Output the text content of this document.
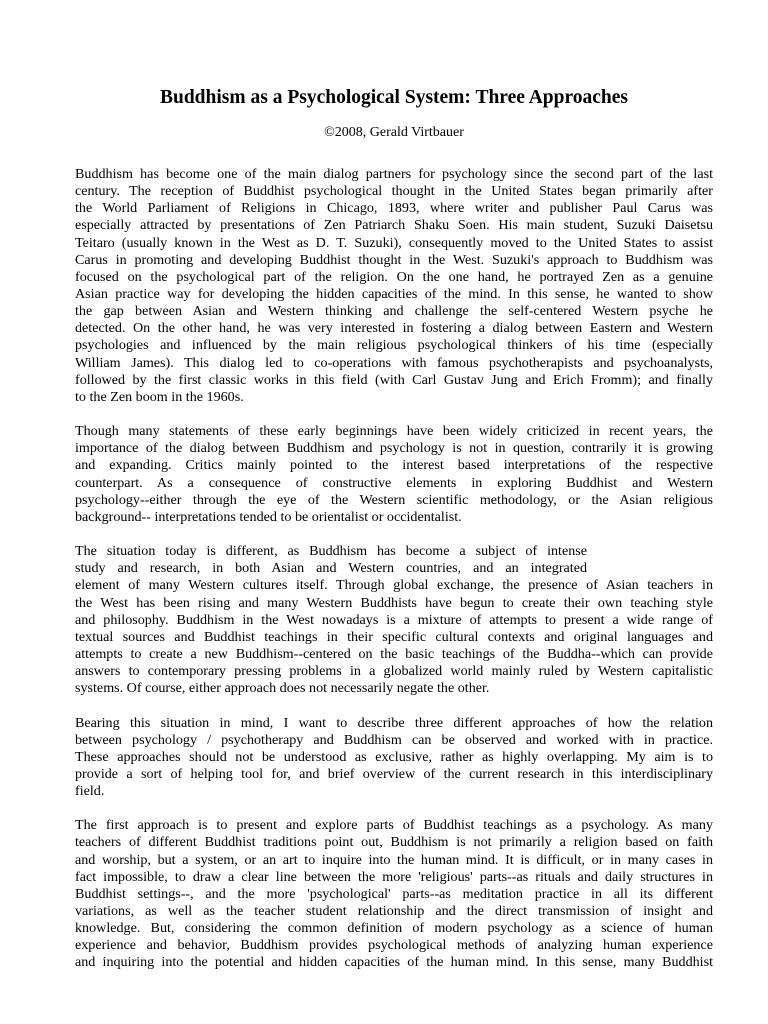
Buddhism as a Psychological System: Three Approaches
©2008, Gerald Virtbauer
Buddhism has become one of the main dialog partners for psychology since the second part of the last
century. The reception of Buddhist psychological thought in the United States began primarily after
the World Parliament of Religions in Chicago, 1893, where writer and publisher Paul Carus was
especially attracted by presentations of Zen Patriarch Shaku Soen. His main student, Suzuki Daisetsu
Teitaro (usually known in the West as D. T. Suzuki), consequently moved to the United States to assist
Carus in promoting and developing Buddhist thought in the West. Suzuki's approach to Buddhism was
focused on the psychological part of the religion. On the one hand, he portrayed Zen as a genuine
Asian practice way for developing the hidden capacities of the mind. In this sense, he wanted to show
the gap between Asian and Western thinking and challenge the self-centered Western psyche he
detected. On the other hand, he was very interested in fostering a dialog between Eastern and Western
psychologies and influenced by the main religious psychological thinkers of his time (especially
William James). This dialog led to co-operations with famous psychotherapists and psychoanalysts,
followed by the first classic works in this field (with Carl Gustav Jung and Erich Fromm); and finally
to the Zen boom in the 1960s.
Though many statements of these early beginnings have been widely criticized in recent years, the
importance of the dialog between Buddhism and psychology is not in question, contrarily it is growing
and expanding. Critics mainly pointed to the interest based interpretations of the respective
counterpart. As a consequence of constructive elements in exploring Buddhist and Western
psychology--either through the eye of the Western scientific methodology, or the Asian religious
background-- interpretations tended to be orientalist or occidentalist.
The situation today is different, as Buddhism has become a subject of intense
study and research, in both Asian and Western countries, and an integrated
element of many Western cultures itself. Through global exchange, the presence of Asian teachers in
the West has been rising and many Western Buddhists have begun to create their own teaching style
and philosophy. Buddhism in the West nowadays is a mixture of attempts to present a wide range of
textual sources and Buddhist teachings in their specific cultural contexts and original languages and
attempts to create a new Buddhism--centered on the basic teachings of the Buddha--which can provide
answers to contemporary pressing problems in a globalized world mainly ruled by Western capitalistic
systems. Of course, either approach does not necessarily negate the other.
Bearing this situation in mind, I want to describe three different approaches of how the relation
between psychology / psychotherapy and Buddhism can be observed and worked with in practice.
These approaches should not be understood as exclusive, rather as highly overlapping. My aim is to
provide a sort of helping tool for, and brief overview of the current research in this interdisciplinary
field.
The first approach is to present and explore parts of Buddhist teachings as a psychology. As many
teachers of different Buddhist traditions point out, Buddhism is not primarily a religion based on faith
and worship, but a system, or an art to inquire into the human mind. It is difficult, or in many cases in
fact impossible, to draw a clear line between the more 'religious' parts--as rituals and daily structures in
Buddhist settings--, and the more 'psychological' parts--as meditation practice in all its different
variations, as well as the teacher student relationship and the direct transmission of insight and
knowledge. But, considering the common definition of modern psychology as a science of human
experience and behavior, Buddhism provides psychological methods of analyzing human experience
and inquiring into the potential and hidden capacities of the human mind. In this sense, many Buddhist
